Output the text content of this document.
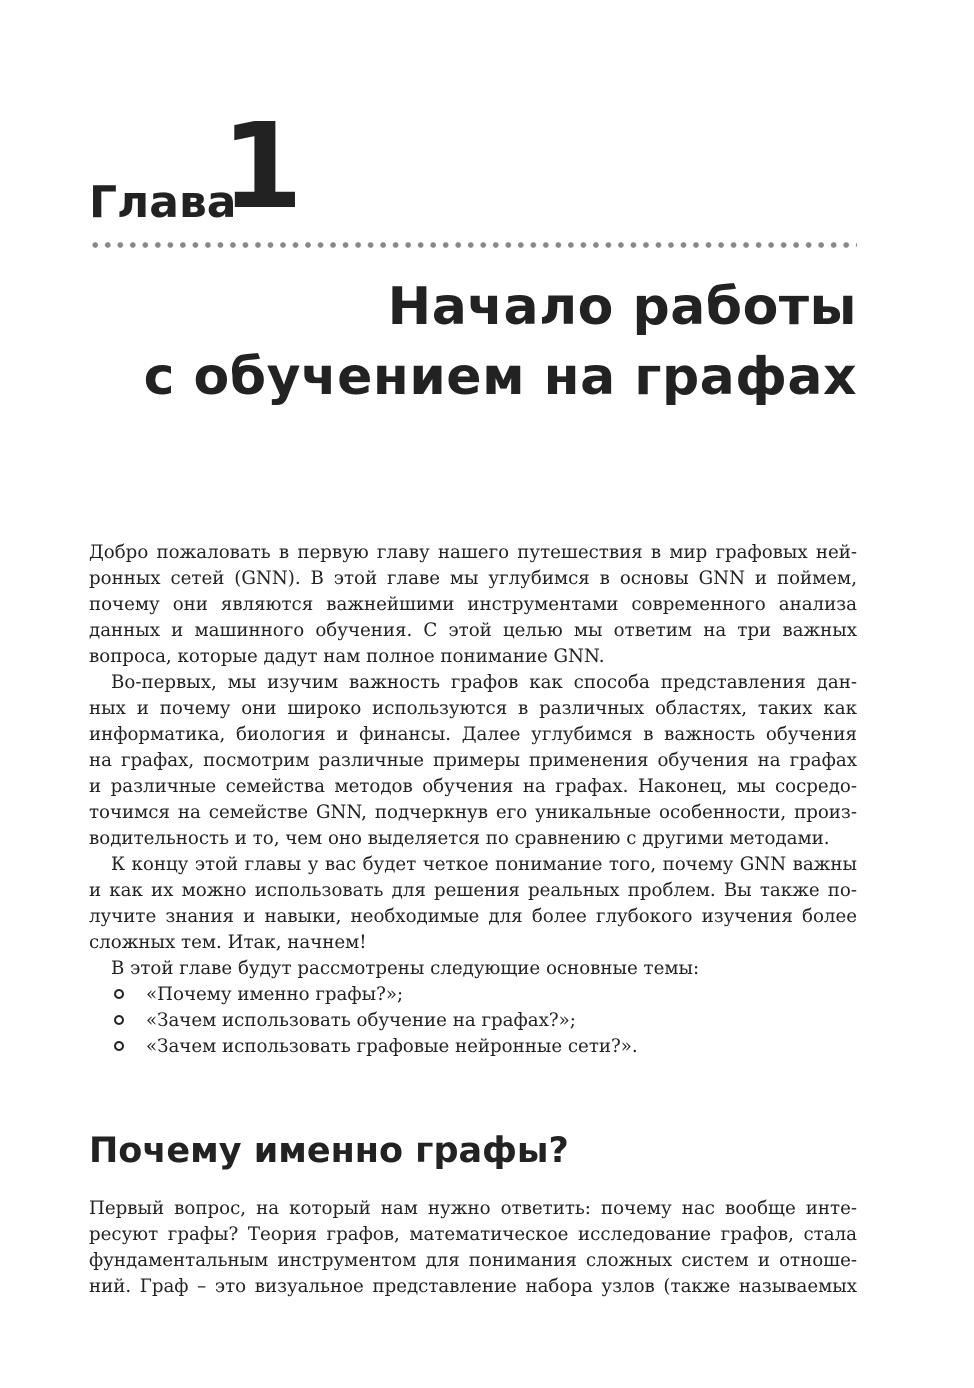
Глава
1
Начало работы
с обучением на графах

Добро пожаловать в первую главу нашего путешествия в мир графовых ней-
ронных сетей (GNN). В этой главе мы углубимся в основы GNN и поймем,
почему они являются важнейшими инструментами современного анализа
данных и машинного обучения. С этой целью мы ответим на три важных
вопроса, которые дадут нам полное понимание GNN.

Во-первых, мы изучим важность графов как способа представления дан-
ных и почему они широко используются в различных областях, таких как
информатика, биология и финансы. Далее углубимся в важность обучения
на графах, посмотрим различные примеры применения обучения на графах
и различные семейства методов обучения на графах. Наконец, мы сосредо-
точимся на семействе GNN, подчеркнув его уникальные особенности, произ-
водительность и то, чем оно выделяется по сравнению с другими методами.

К концу этой главы у вас будет четкое понимание того, почему GNN важны
и как их можно использовать для решения реальных проблем. Вы также по-
лучите знания и навыки, необходимые для более глубокого изучения более
сложных тем. Итак, начнем!

В этой главе будут рассмотрены следующие основные темы:

«Почему именно графы?»;
«Зачем использовать обучение на графах?»;
«Зачем использовать графовые нейронные сети?».
Почему именно графы?

Первый вопрос, на который нам нужно ответить: почему нас вообще инте-
ресуют графы? Теория графов, математическое исследование графов, стала
фундаментальным инструментом для понимания сложных систем и отноше-
ний. Граф – это визуальное представление набора узлов (также называемых
